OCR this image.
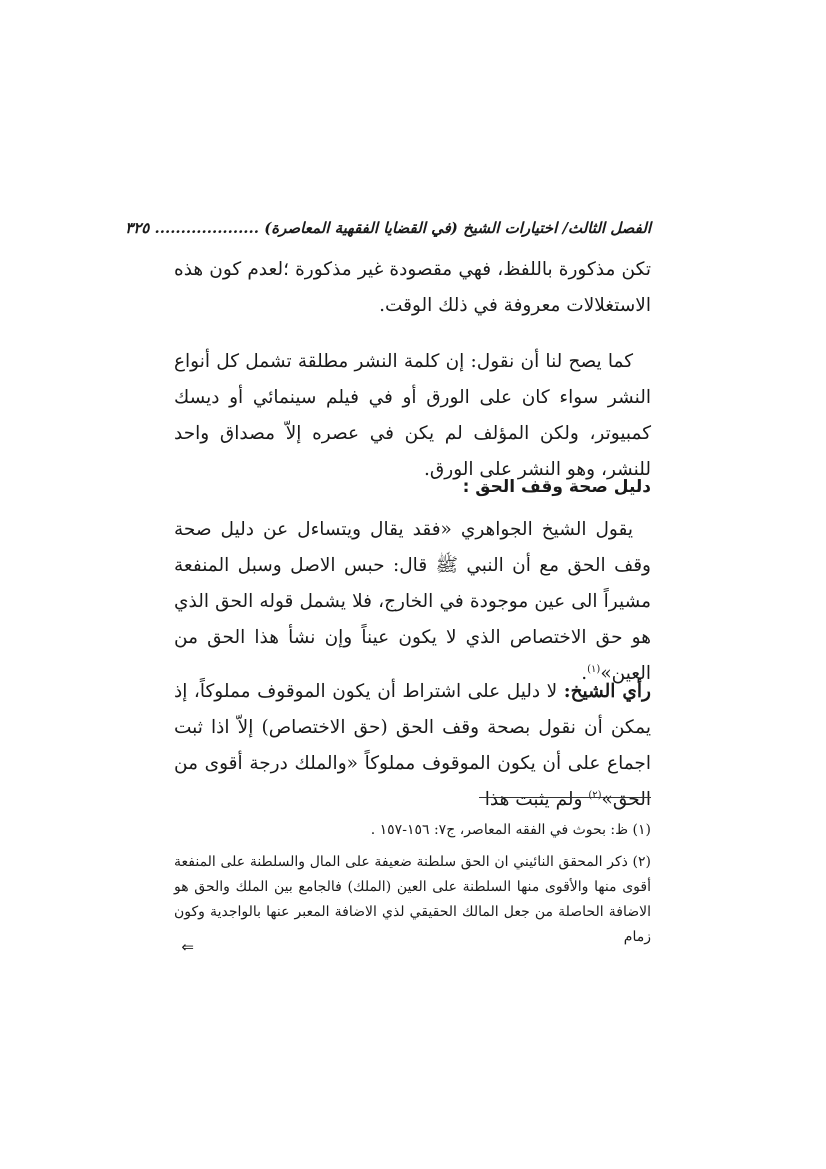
الفصل الثالث/ اختيارات الشيخ (في القضايا الفقهية المعاصرة) .................... ٣٢٥
تكن مذكورة باللفظ، فهي مقصودة غير مذكورة ؛لعدم كون هذه الاستغلالات معروفة في ذلك الوقت.
كما يصح لنا أن نقول: إن كلمة النشر مطلقة تشمل كل أنواع النشر سواء كان على الورق أو في فيلم سينمائي أو ديسك كمبيوتر، ولكن المؤلف لم يكن في عصره إلاّ مصداق واحد للنشر، وهو النشر على الورق.
دليل صحة وقف الحق :
يقول الشيخ الجواهري «فقد يقال ويتساءل عن دليل صحة وقف الحق مع أن النبي ﷺ قال: حبس الاصل وسبل المنفعة مشيراً الى عين موجودة في الخارج، فلا يشمل قوله الحق الذي هو حق الاختصاص الذي لا يكون عيناً وإن نشأ هذا الحق من العين»$^{(١)}$.
رأي الشيخ: لا دليل على اشتراط أن يكون الموقوف مملوكاً، إذ يمكن أن نقول بصحة وقف الحق (حق الاختصاص) إلاّ اذا ثبت اجماع على أن يكون الموقوف مملوكاً «والملك درجة أقوى من الحق»$^{(٢)}$ ولم يثبت هذا
(١) ظ: بحوث في الفقه المعاصر، ج٧: ١٥٦-١٥٧ .
(٢) ذكر المحقق النائيني ان الحق سلطنة ضعيفة على المال والسلطنة على المنفعة أقوى منها والأقوى منها السلطنة على العين (الملك) فالجامع بين الملك والحق هو الاضافة الحاصلة من جعل المالك الحقيقي لذي الاضافة المعبر عنها بالواجدية وكون زمام
⇐
